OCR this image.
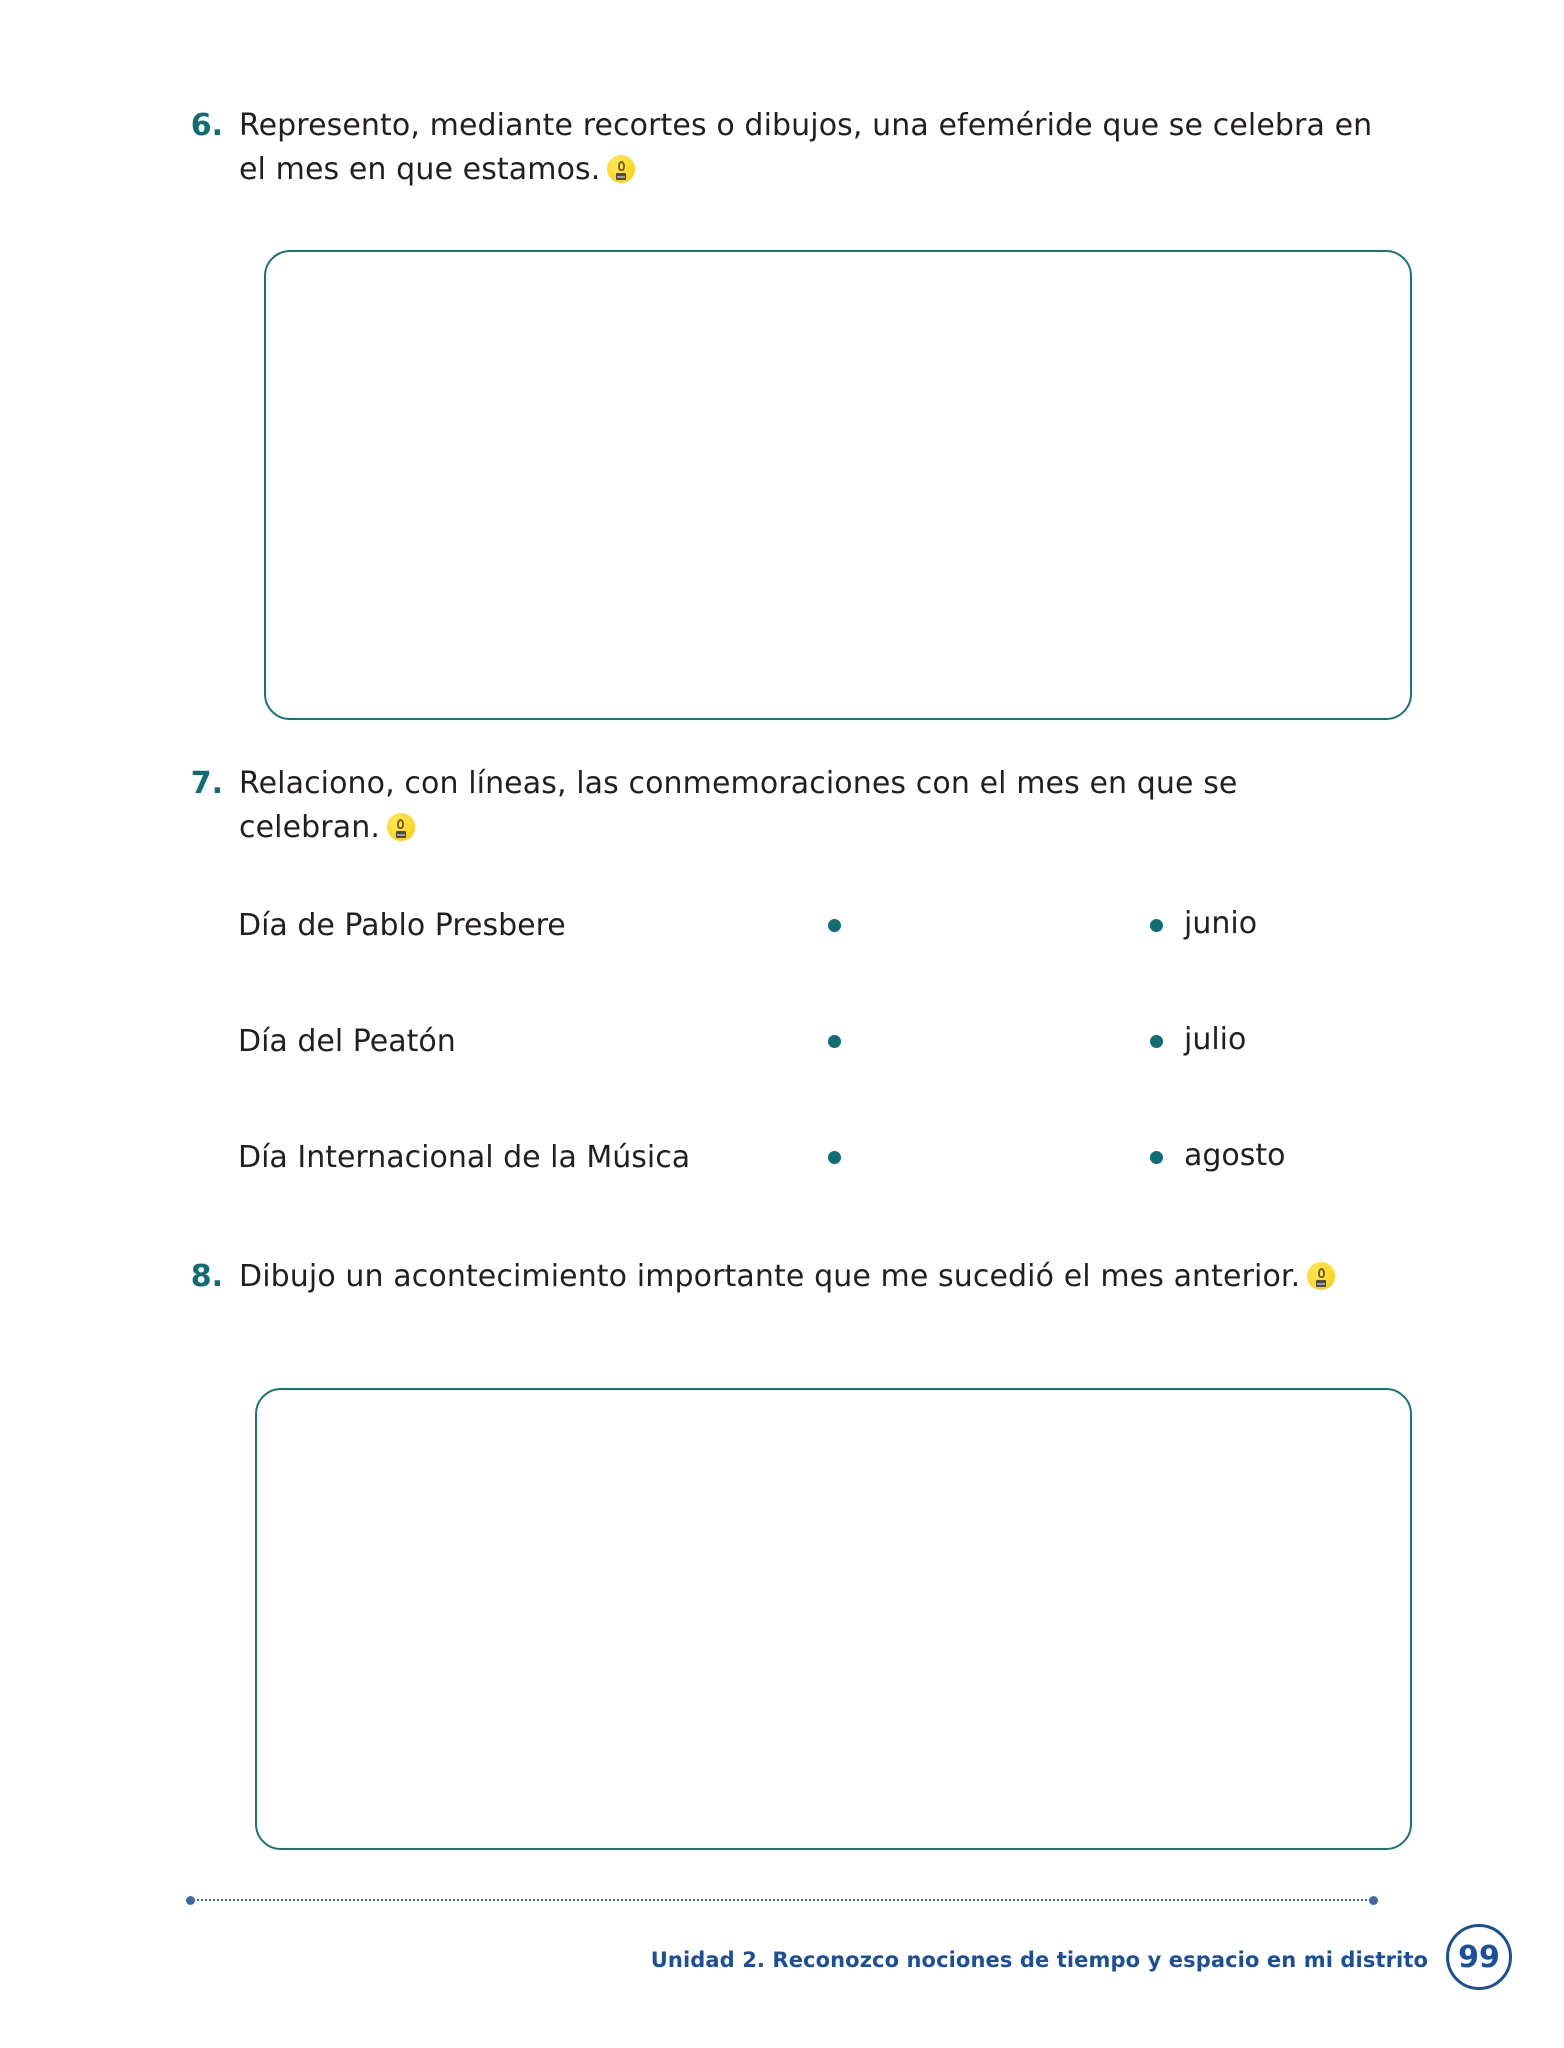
6. Represento, mediante recortes o dibujos, una efeméride que se celebra en el mes en que estamos.
7. Relaciono, con líneas, las conmemoraciones con el mes en que se celebran.
Día de Pablo Presbere	junio
Día del Peatón	julio
Día Internacional de la Música	agosto
8. Dibujo un acontecimiento importante que me sucedió el mes anterior.
Unidad 2. Reconozco nociones de tiempo y espacio en mi distrito	99
